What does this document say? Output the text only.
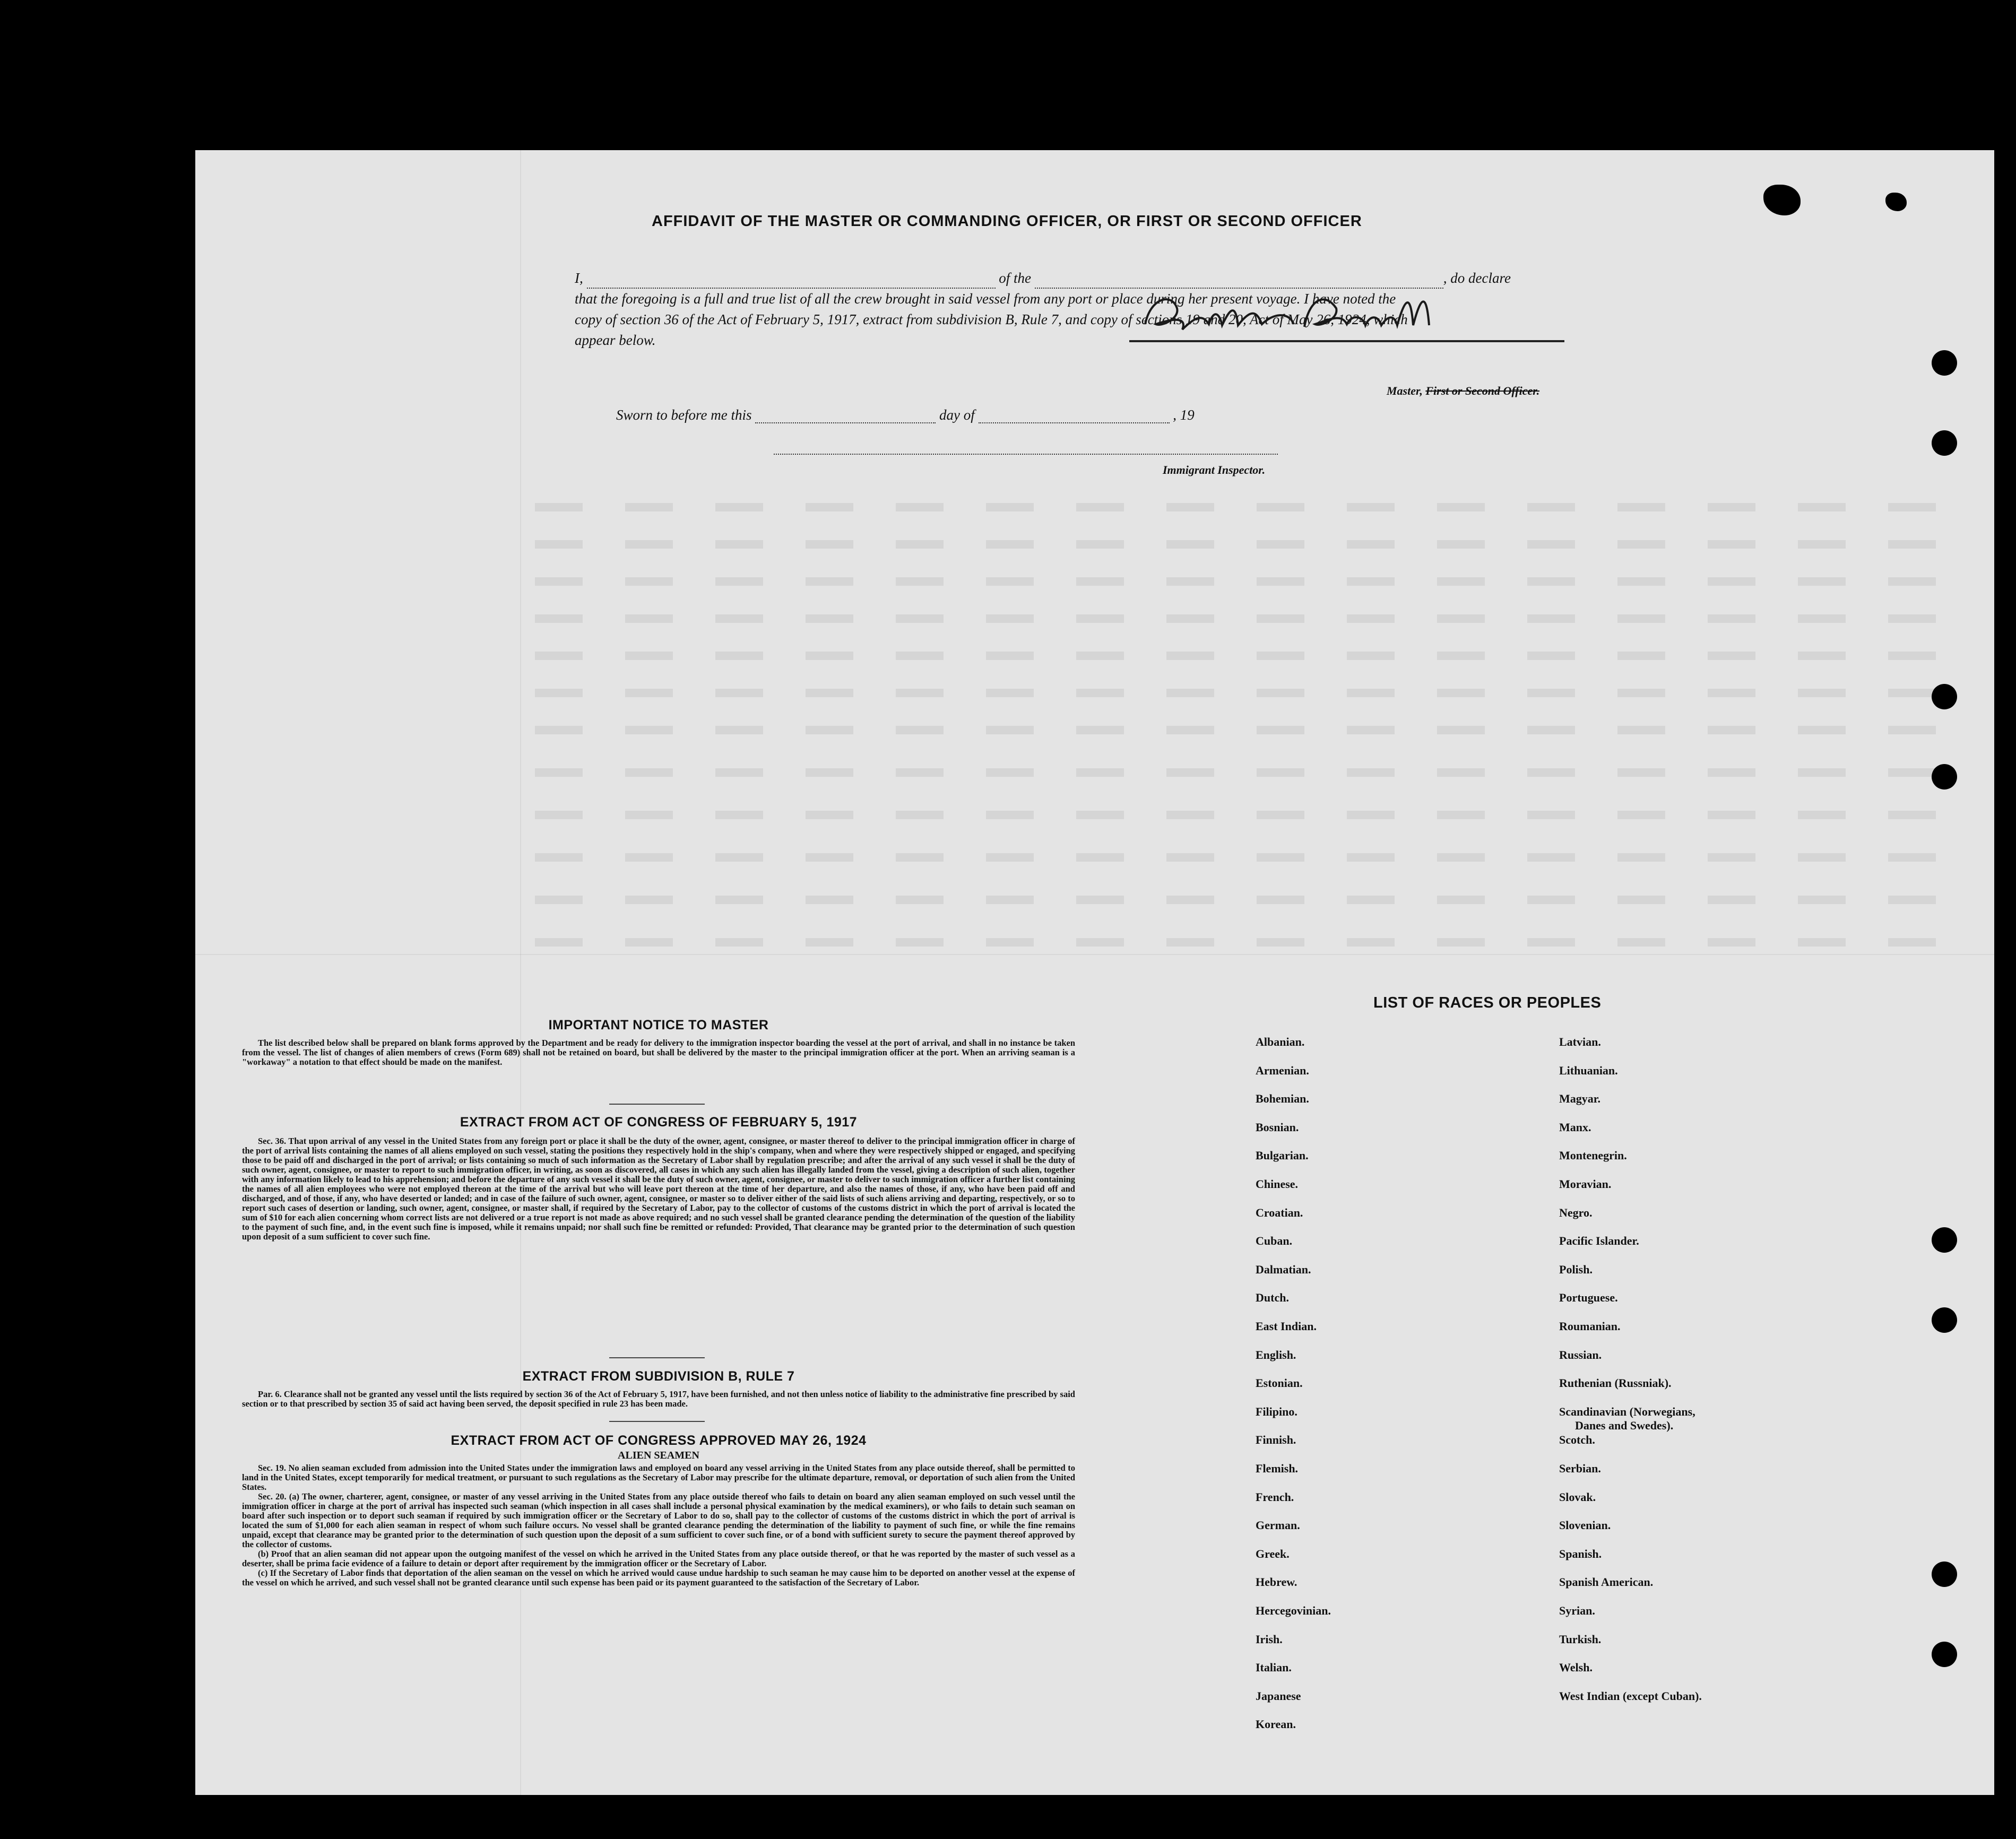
AFFIDAVIT OF THE MASTER OR COMMANDING OFFICER, OR FIRST OR SECOND OFFICER
I,	of the	, do declare
that the foregoing is a full and true list of all the crew brought in said vessel from any port or place during her present voyage. I have noted the
copy of section 36 of the Act of February 5, 1917, extract from subdivision B, Rule 7, and copy of sections 19 and 20, Act of May 26, 1924, which
appear below.
Master, First or Second Officer.
Sworn to before me this	day of	, 19
Immigrant Inspector.
IMPORTANT NOTICE TO MASTER
The list described below shall be prepared on blank forms approved by the Department and be ready for delivery to the immigration inspector boarding the vessel at the port of arrival, and shall in no instance be taken from the vessel. The list of changes of alien members of crews (Form 689) shall not be retained on board, but shall be delivered by the master to the principal immigration officer at the port. When an arriving seaman is a "workaway" a notation to that effect should be made on the manifest.
EXTRACT FROM ACT OF CONGRESS OF FEBRUARY 5, 1917
Sec. 36. That upon arrival of any vessel in the United States from any foreign port or place it shall be the duty of the owner, agent, consignee, or master thereof to deliver to the principal immigration officer in charge of the port of arrival lists containing the names of all aliens employed on such vessel, stating the positions they respectively hold in the ship's company, when and where they were respectively shipped or engaged, and specifying those to be paid off and discharged in the port of arrival; or lists containing so much of such information as the Secretary of Labor shall by regulation prescribe; and after the arrival of any such vessel it shall be the duty of such owner, agent, consignee, or master to report to such immigration officer, in writing, as soon as discovered, all cases in which any such alien has illegally landed from the vessel, giving a description of such alien, together with any information likely to lead to his apprehension; and before the departure of any such vessel it shall be the duty of such owner, agent, consignee, or master to deliver to such immigration officer a further list containing the names of all alien employees who were not employed thereon at the time of the arrival but who will leave port thereon at the time of her departure, and also the names of those, if any, who have been paid off and discharged, and of those, if any, who have deserted or landed; and in case of the failure of such owner, agent, consignee, or master so to deliver either of the said lists of such aliens arriving and departing, respectively, or so to report such cases of desertion or landing, such owner, agent, consignee, or master shall, if required by the Secretary of Labor, pay to the collector of customs of the customs district in which the port of arrival is located the sum of $10 for each alien concerning whom correct lists are not delivered or a true report is not made as above required; and no such vessel shall be granted clearance pending the determination of the question of the liability to the payment of such fine, and, in the event such fine is imposed, while it remains unpaid; nor shall such fine be remitted or refunded: Provided, That clearance may be granted prior to the determination of such question upon deposit of a sum sufficient to cover such fine.
EXTRACT FROM SUBDIVISION B, RULE 7
Par. 6. Clearance shall not be granted any vessel until the lists required by section 36 of the Act of February 5, 1917, have been furnished, and not then unless notice of liability to the administrative fine prescribed by said section or to that prescribed by section 35 of said act having been served, the deposit specified in rule 23 has been made.
EXTRACT FROM ACT OF CONGRESS APPROVED MAY 26, 1924
ALIEN SEAMEN
Sec. 19. No alien seaman excluded from admission into the United States under the immigration laws and employed on board any vessel arriving in the United States from any place outside thereof, shall be permitted to land in the United States, except temporarily for medical treatment, or pursuant to such regulations as the Secretary of Labor may prescribe for the ultimate departure, removal, or deportation of such alien from the United States.
Sec. 20. (a) The owner, charterer, agent, consignee, or master of any vessel arriving in the United States from any place outside thereof who fails to detain on board any alien seaman employed on such vessel until the immigration officer in charge at the port of arrival has inspected such seaman (which inspection in all cases shall include a personal physical examination by the medical examiners), or who fails to detain such seaman on board after such inspection or to deport such seaman if required by such immigration officer or the Secretary of Labor to do so, shall pay to the collector of customs of the customs district in which the port of arrival is located the sum of $1,000 for each alien seaman in respect of whom such failure occurs. No vessel shall be granted clearance pending the determination of the liability to payment of such fine, or while the fine remains unpaid, except that clearance may be granted prior to the determination of such question upon the deposit of a sum sufficient to cover such fine, or of a bond with sufficient surety to secure the payment thereof approved by the collector of customs.
(b) Proof that an alien seaman did not appear upon the outgoing manifest of the vessel on which he arrived in the United States from any place outside thereof, or that he was reported by the master of such vessel as a deserter, shall be prima facie evidence of a failure to detain or deport after requirement by the immigration officer or the Secretary of Labor.
(c) If the Secretary of Labor finds that deportation of the alien seaman on the vessel on which he arrived would cause undue hardship to such seaman he may cause him to be deported on another vessel at the expense of the vessel on which he arrived, and such vessel shall not be granted clearance until such expense has been paid or its payment guaranteed to the satisfaction of the Secretary of Labor.
LIST OF RACES OR PEOPLES
Albanian.
Armenian.
Bohemian.
Bosnian.
Bulgarian.
Chinese.
Croatian.
Cuban.
Dalmatian.
Dutch.
East Indian.
English.
Estonian.
Filipino.
Finnish.
Flemish.
French.
German.
Greek.
Hebrew.
Hercegovinian.
Irish.
Italian.
Japanese
Korean.
Latvian.
Lithuanian.
Magyar.
Manx.
Montenegrin.
Moravian.
Negro.
Pacific Islander.
Polish.
Portuguese.
Roumanian.
Russian.
Ruthenian (Russniak).
Scandinavian (Norwegians,
Danes and Swedes).
Scotch.
Serbian.
Slovak.
Slovenian.
Spanish.
Spanish American.
Syrian.
Turkish.
Welsh.
West Indian (except Cuban).
